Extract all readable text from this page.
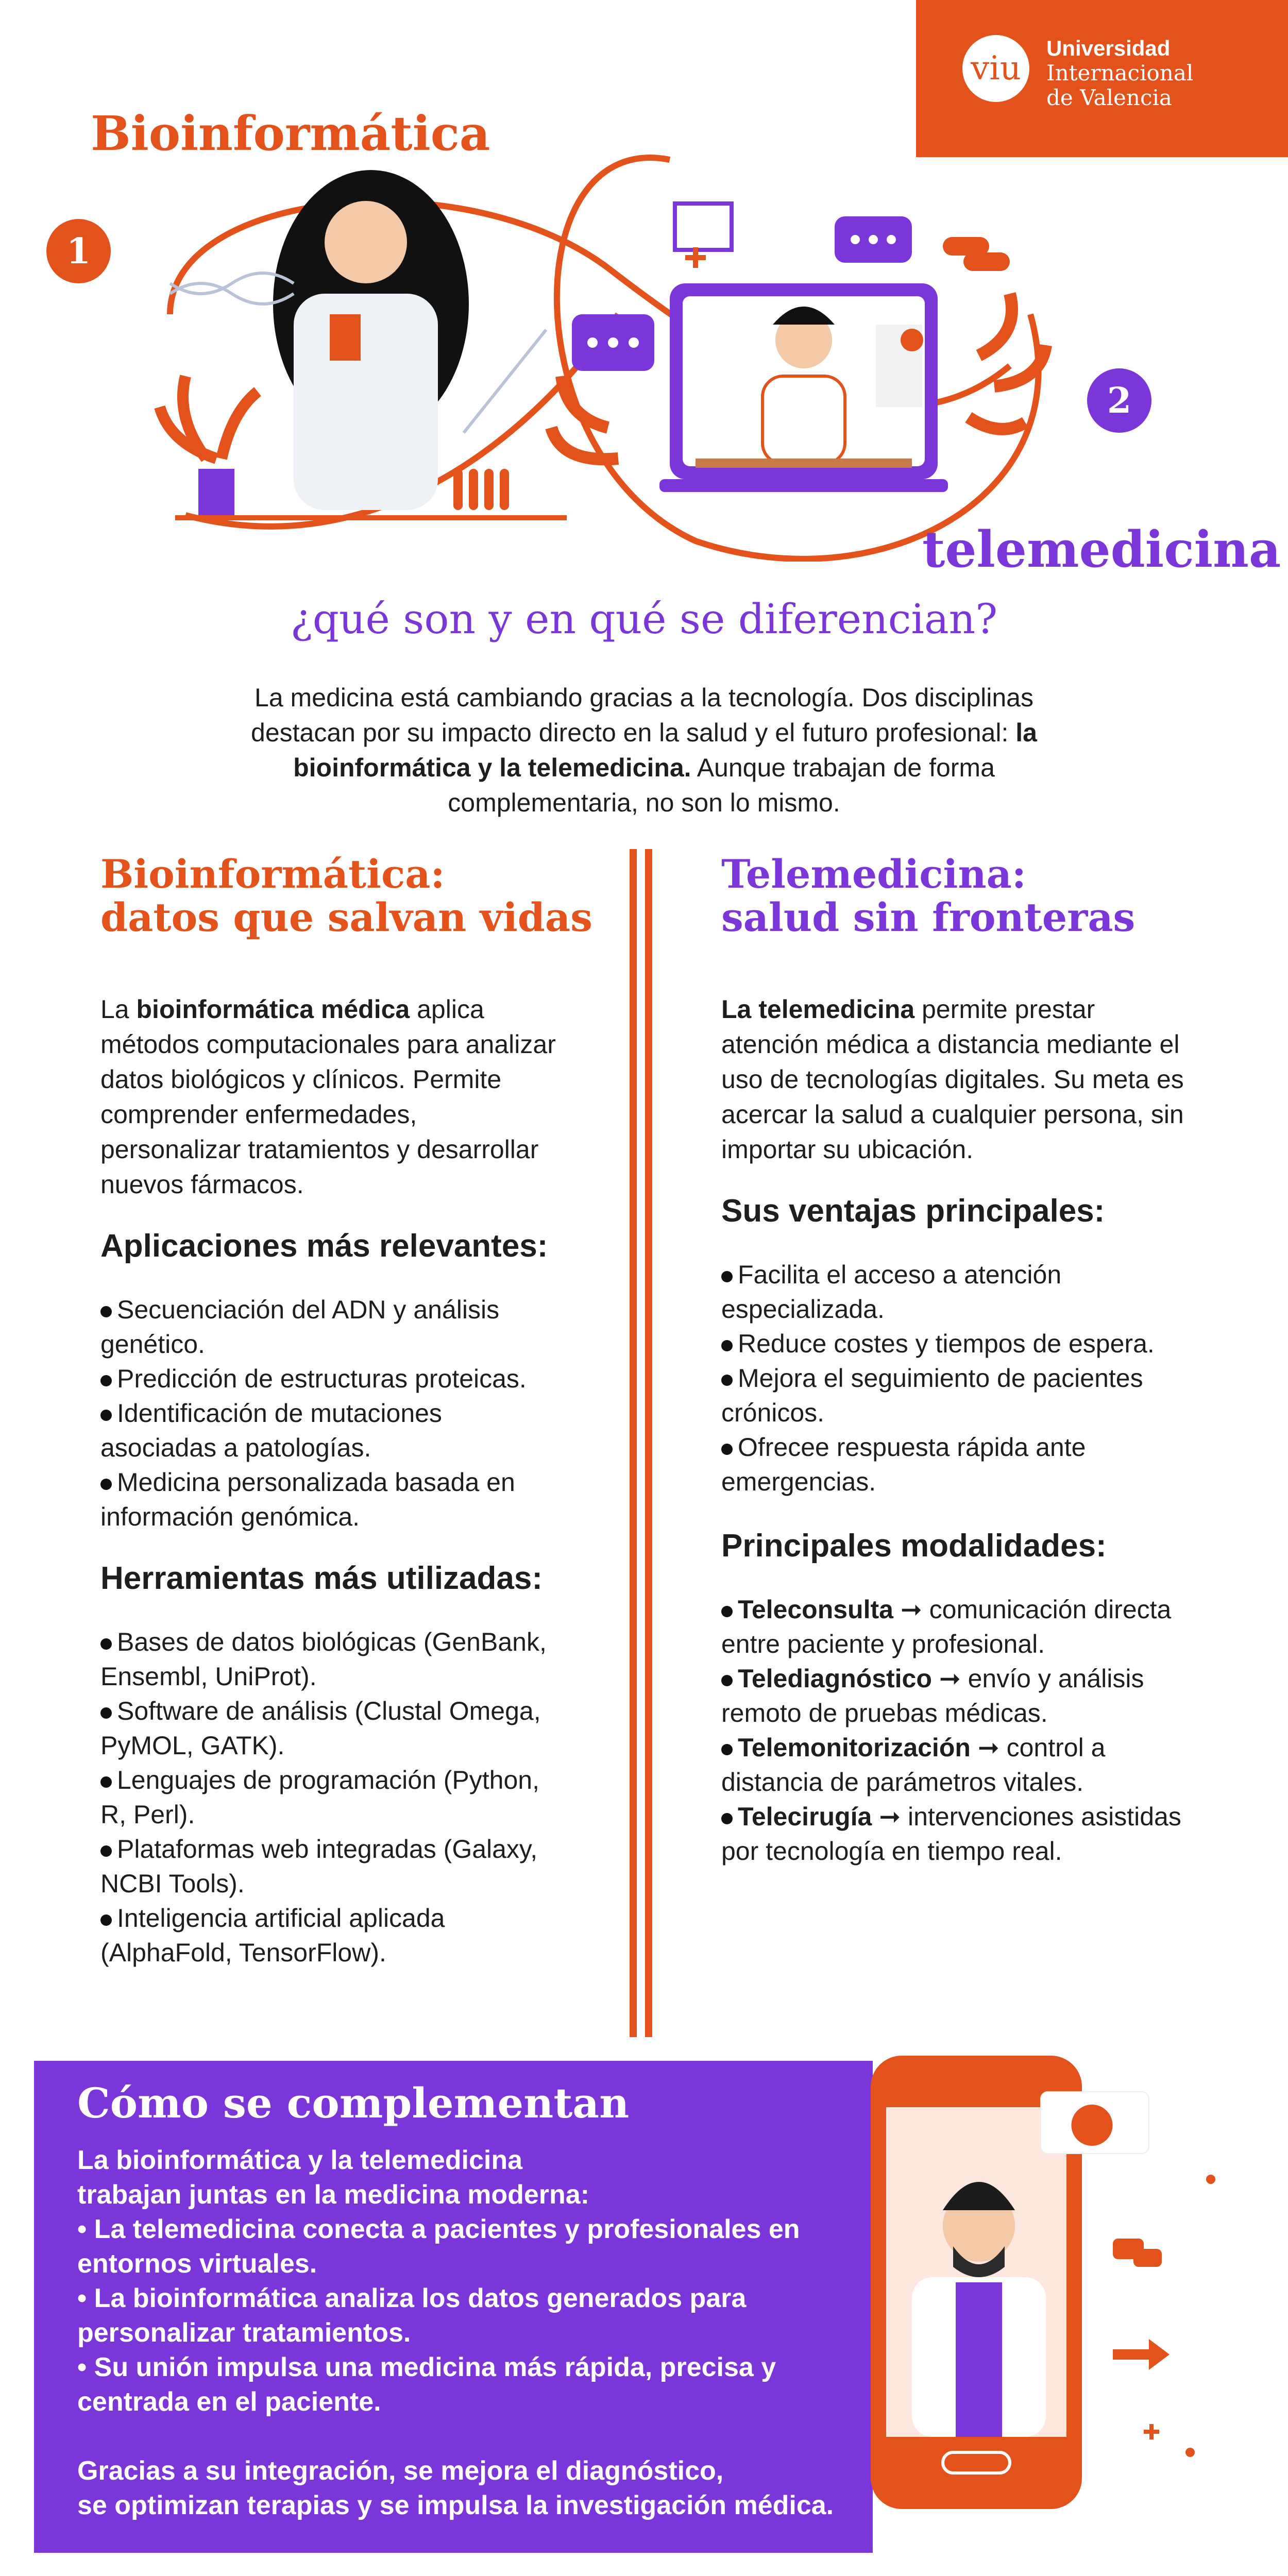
viu
Universidad
Internacional
de Valencia
Bioinformática
telemedicina
1
2
¿qué son y en qué se diferencian?
La medicina está cambiando gracias a la tecnología. Dos disciplinas destacan por su impacto directo en la salud y el futuro profesional: la bioinformática y la telemedicina. Aunque trabajan de forma complementaria, no son lo mismo.
Bioinformática:
datos que salvan vidas
La bioinformática médica aplica métodos computacionales para analizar datos biológicos y clínicos. Permite comprender enfermedades, personalizar tratamientos y desarrollar nuevos fármacos.
Aplicaciones más relevantes:
Secuenciación del ADN y análisis genético.
Predicción de estructuras proteicas.
Identificación de mutaciones asociadas a patologías.
Medicina personalizada basada en información genómica.
Herramientas más utilizadas:
Bases de datos biológicas (GenBank, Ensembl, UniProt).
Software de análisis (Clustal Omega, PyMOL, GATK).
Lenguajes de programación (Python, R, Perl).
Plataformas web integradas (Galaxy, NCBI Tools).
Inteligencia artificial aplicada (AlphaFold, TensorFlow).
Telemedicina:
salud sin fronteras
La telemedicina permite prestar atención médica a distancia mediante el uso de tecnologías digitales. Su meta es acercar la salud a cualquier persona, sin importar su ubicación.
Sus ventajas principales:
Facilita el acceso a atención especializada.
Reduce costes y tiempos de espera.
Mejora el seguimiento de pacientes crónicos.
Ofrecee respuesta rápida ante emergencias.
Principales modalidades:
Teleconsulta ➞ comunicación directa entre paciente y profesional.
Telediagnóstico ➞ envío y análisis remoto de pruebas médicas.
Telemonitorización ➞ control a distancia de parámetros vitales.
Telecirugía ➞ intervenciones asistidas por tecnología en tiempo real.
Cómo se complementan
La bioinformática y la telemedicina
trabajan juntas en la medicina moderna:
• La telemedicina conecta a pacientes y profesionales en entornos virtuales.
• La bioinformática analiza los datos generados para personalizar tratamientos.
• Su unión impulsa una medicina más rápida, precisa y centrada en el paciente.
Gracias a su integración, se mejora el diagnóstico,
se optimizan terapias y se impulsa la investigación médica.
